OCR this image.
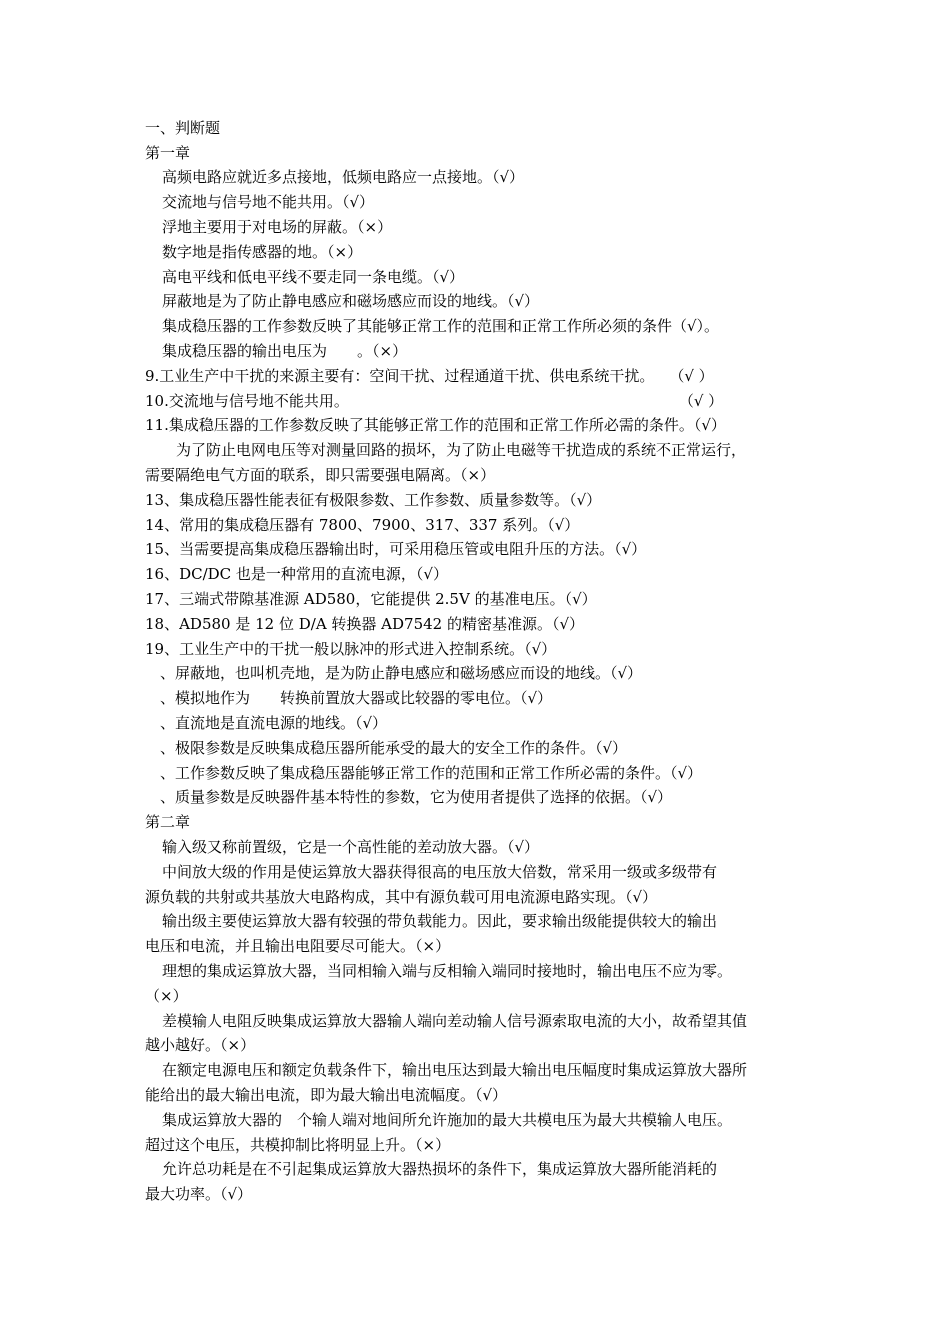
一、判断题
第一章
高频电路应就近多点接地，低频电路应一点接地。（√）
交流地与信号地不能共用。（√）
浮地主要用于对电场的屏蔽。（×）
数字地是指传感器的地。（×）
高电平线和低电平线不要走同一条电缆。（√）
屏蔽地是为了防止静电感应和磁场感应而设的地线。（√）
集成稳压器的工作参数反映了其能够正常工作的范围和正常工作所必须的条件（√）。
集成稳压器的输出电压为　　。（×）
9.工业生产中干扰的来源主要有：空间干扰、过程通道干扰、供电系统干扰。　　（√ ）
10.交流地与信号地不能共用。　　　　　　　　　　　　　　　　　　　　　　　（√ ）
11.集成稳压器的工作参数反映了其能够正常工作的范围和正常工作所必需的条件。（√）
为了防止电网电压等对测量回路的损坏，为了防止电磁等干扰造成的系统不正常运行，
需要隔绝电气方面的联系，即只需要强电隔离。（×）
13、集成稳压器性能表征有极限参数、工作参数、质量参数等。（√）
14、常用的集成稳压器有 7800、7900、317、337 系列。（√）
15、当需要提高集成稳压器输出时，可采用稳压管或电阻升压的方法。（√）
16、DC/DC 也是一种常用的直流电源，（√）
17、三端式带隙基准源 AD580，它能提供 2.5V 的基准电压。（√）
18、AD580 是 12 位 D/A 转换器 AD7542 的精密基准源。（√）
19、工业生产中的干扰一般以脉冲的形式进入控制系统。（√）
、屏蔽地，也叫机壳地，是为防止静电感应和磁场感应而设的地线。（√）
、模拟地作为　　转换前置放大器或比较器的零电位。（√）
、直流地是直流电源的地线。（√）
、极限参数是反映集成稳压器所能承受的最大的安全工作的条件。（√）
、工作参数反映了集成稳压器能够正常工作的范围和正常工作所必需的条件。（√）
、质量参数是反映器件基本特性的参数，它为使用者提供了选择的依据。（√）
第二章
输入级又称前置级，它是一个高性能的差动放大器。（√）
中间放大级的作用是使运算放大器获得很高的电压放大倍数，常采用一级或多级带有
源负载的共射或共基放大电路构成，其中有源负载可用电流源电路实现。（√）
输出级主要使运算放大器有较强的带负载能力。因此，要求输出级能提供较大的输出
电压和电流，并且输出电阻要尽可能大。（×）
理想的集成运算放大器，当同相输入端与反相输入端同时接地时，输出电压不应为零。
（×）
差模输人电阻反映集成运算放大器输人端向差动输人信号源索取电流的大小，故希望其值
越小越好。（×）
在额定电源电压和额定负载条件下，输出电压达到最大输出电压幅度时集成运算放大器所
能给出的最大输出电流，即为最大输出电流幅度。（√）
集成运算放大器的　个输人端对地间所允许施加的最大共模电压为最大共模输人电压。
超过这个电压，共模抑制比将明显上升。（×）
允许总功耗是在不引起集成运算放大器热损坏的条件下，集成运算放大器所能消耗的
最大功率。（√）
